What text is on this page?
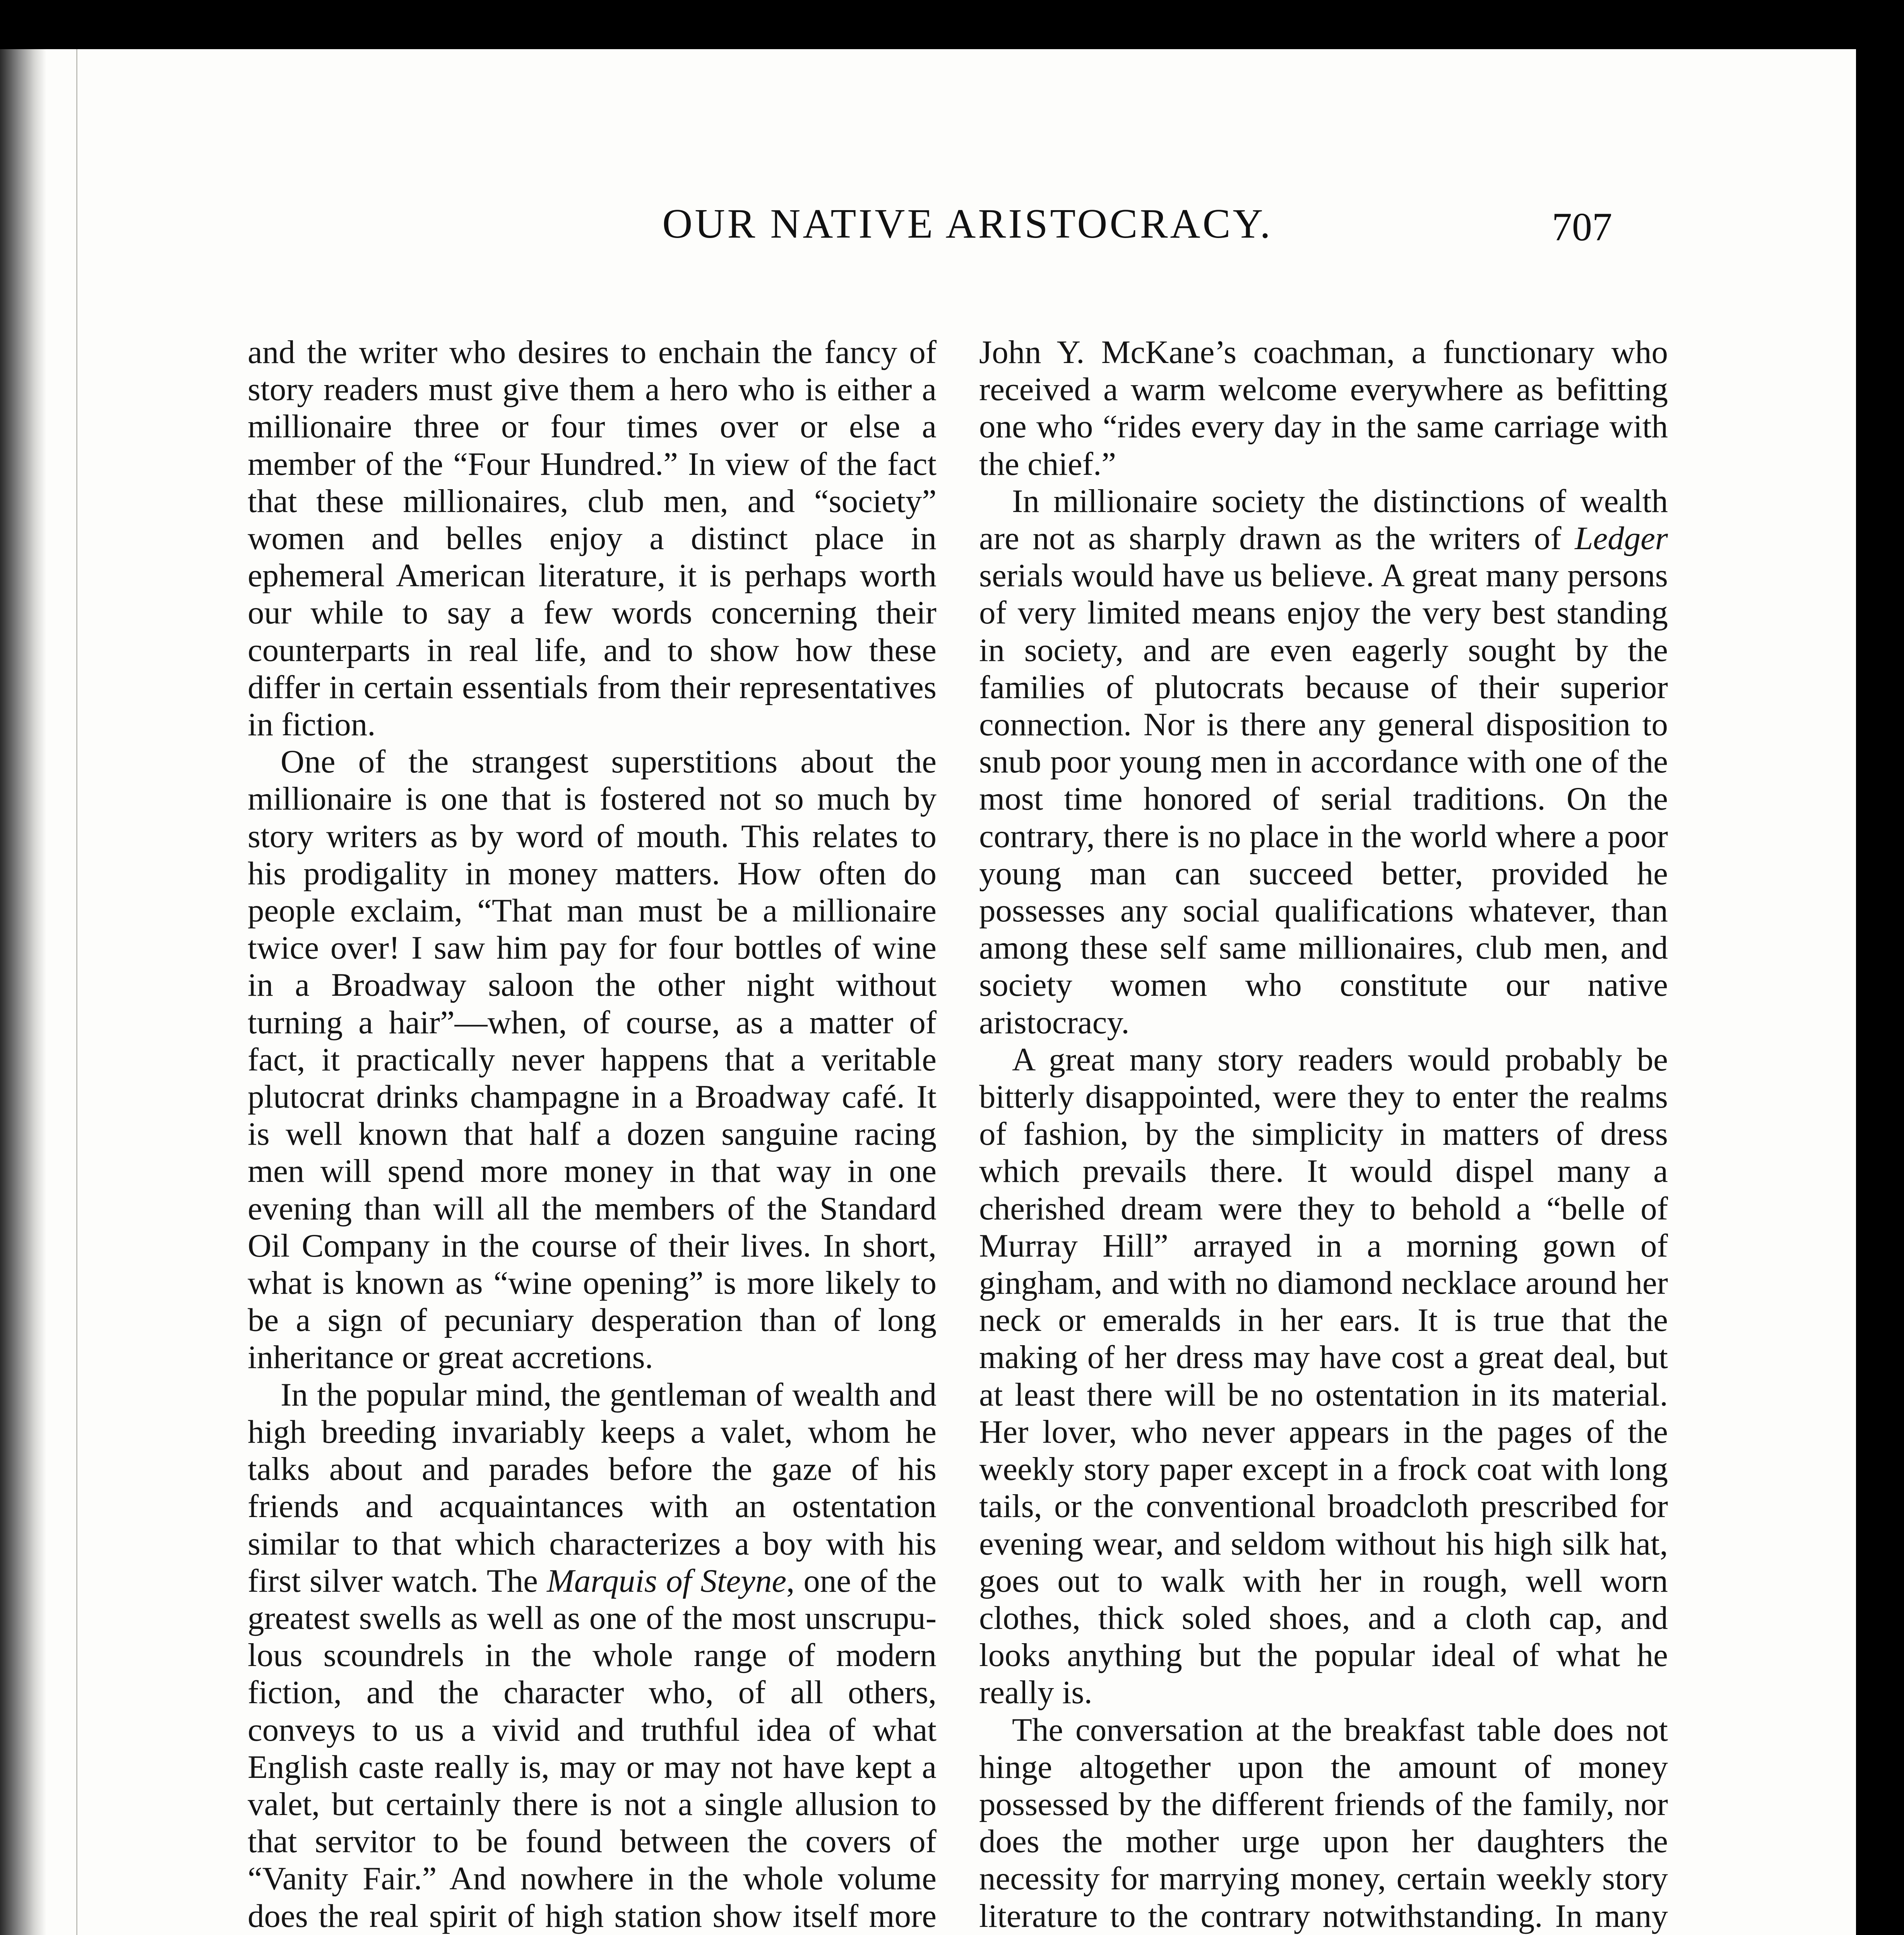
OUR NATIVE ARISTOCRACY.	707

and the writer who desires to enchain the fancy of story readers must give them a hero who is either a millionaire three or four times over or else a member of the “Four Hundred.” In view of the fact that these millionaires, club men, and “society” women and belles enjoy a distinct place in ephemeral American literature, it is perhaps worth our while to say a few words concerning their counterparts in real life, and to show how these differ in certain essentials from their representatives in fiction.

One of the strangest superstitions about the millionaire is one that is fostered not so much by story writers as by word of mouth. This relates to his prodigality in money matters. How often do people exclaim, “That man must be a millionaire twice over! I saw him pay for four bottles of wine in a Broadway saloon the other night without turning a hair”—when, of course, as a matter of fact, it practically never happens that a veritable plutocrat drinks champagne in a Broadway café. It is well known that half a dozen sanguine racing men will spend more money in that way in one evening than will all the members of the Standard Oil Company in the course of their lives. In short, what is known as “wine opening” is more likely to be a sign of pecuniary desperation than of long inheritance or great accretions.

In the popular mind, the gentleman of wealth and high breeding invariably keeps a valet, whom he talks about and parades before the gaze of his friends and acquaintances with an ostentation similar to that which characterizes a boy with his first silver watch. The Marquis of Steyne, one of the greatest swells as well as one of the most unscrupulous scoundrels in the whole range of modern fiction, and the character who, of all others, conveys to us a vivid and truthful idea of what English caste really is, may or may not have kept a valet, but certainly there is not a single allusion to that servitor to be found between the covers of “Vanity Fair.” And nowhere in the whole volume does the real spirit of high station show itself more

John Y. McKane’s coachman, a functionary who received a warm welcome everywhere as befitting one who “rides every day in the same carriage with the chief.”

In millionaire society the distinctions of wealth are not as sharply drawn as the writers of Ledger serials would have us believe. A great many persons of very limited means enjoy the very best standing in society, and are even eagerly sought by the families of plutocrats because of their superior connection. Nor is there any general disposition to snub poor young men in accordance with one of the most time honored of serial traditions. On the contrary, there is no place in the world where a poor young man can succeed better, provided he possesses any social qualifications whatever, than among these self same millionaires, club men, and society women who constitute our native aristocracy.

A great many story readers would probably be bitterly disappointed, were they to enter the realms of fashion, by the simplicity in matters of dress which prevails there. It would dispel many a cherished dream were they to behold a “belle of Murray Hill” arrayed in a morning gown of gingham, and with no diamond necklace around her neck or emeralds in her ears. It is true that the making of her dress may have cost a great deal, but at least there will be no ostentation in its material. Her lover, who never appears in the pages of the weekly story paper except in a frock coat with long tails, or the conventional broadcloth prescribed for evening wear, and seldom without his high silk hat, goes out to walk with her in rough, well worn clothes, thick soled shoes, and a cloth cap, and looks anything but the popular ideal of what he really is.

The conversation at the breakfast table does not hinge altogether upon the amount of money possessed by the different friends of the family, nor does the mother urge upon her daughters the necessity for marrying money, certain weekly story literature to the contrary notwithstanding. In many
